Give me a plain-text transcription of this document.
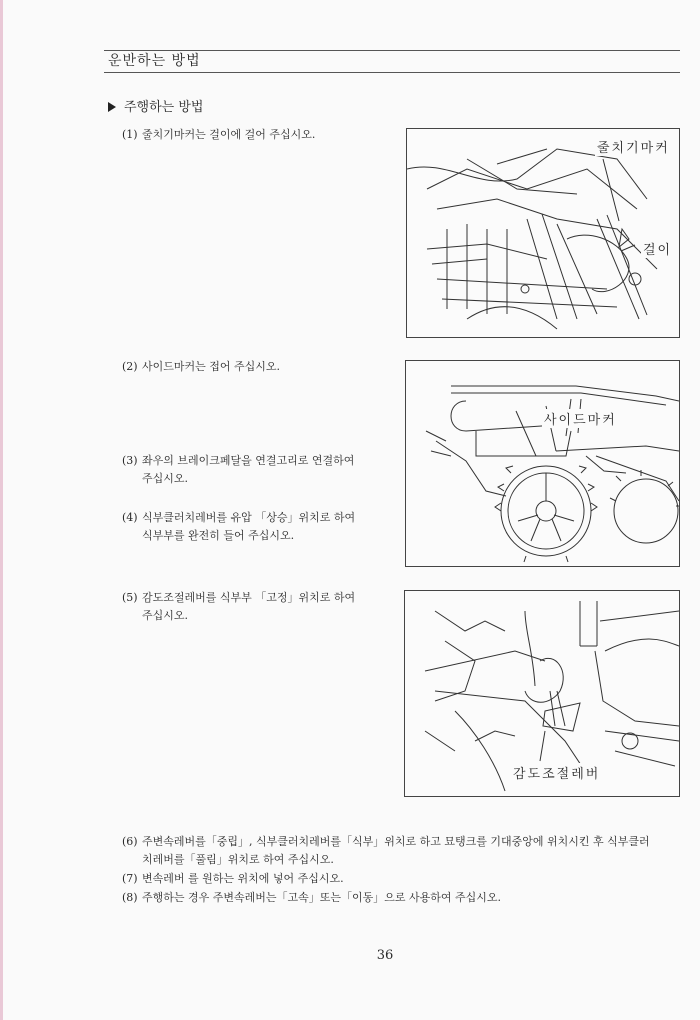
운반하는 방법
주행하는 방법
(1) 줄치기마커는 걸이에 걸어 주십시오.
(2) 사이드마커는 접어 주십시오.
(3) 좌우의 브레이크페달을 연결고리로 연결하여
주십시오.
(4) 식부클러치레버를 유압 「상승」위치로 하여
식부부를 완전히 들어 주십시오.
(5) 감도조절레버를 식부부 「고정」위치로 하여
주십시오.
(6) 주변속레버를「중립」, 식부클러치레버를「식부」위치로 하고 묘탱크를 기대중앙에 위치시킨 후 식부클러
치레버를「풀림」위치로 하여 주십시오.
(7) 변속레버 를 원하는 위치에 넣어 주십시오.
(8) 주행하는 경우 주변속레버는「고속」또는「이동」으로 사용하여 주십시오.
줄치기마커
걸이
사이드마커
감도조절레버
36
